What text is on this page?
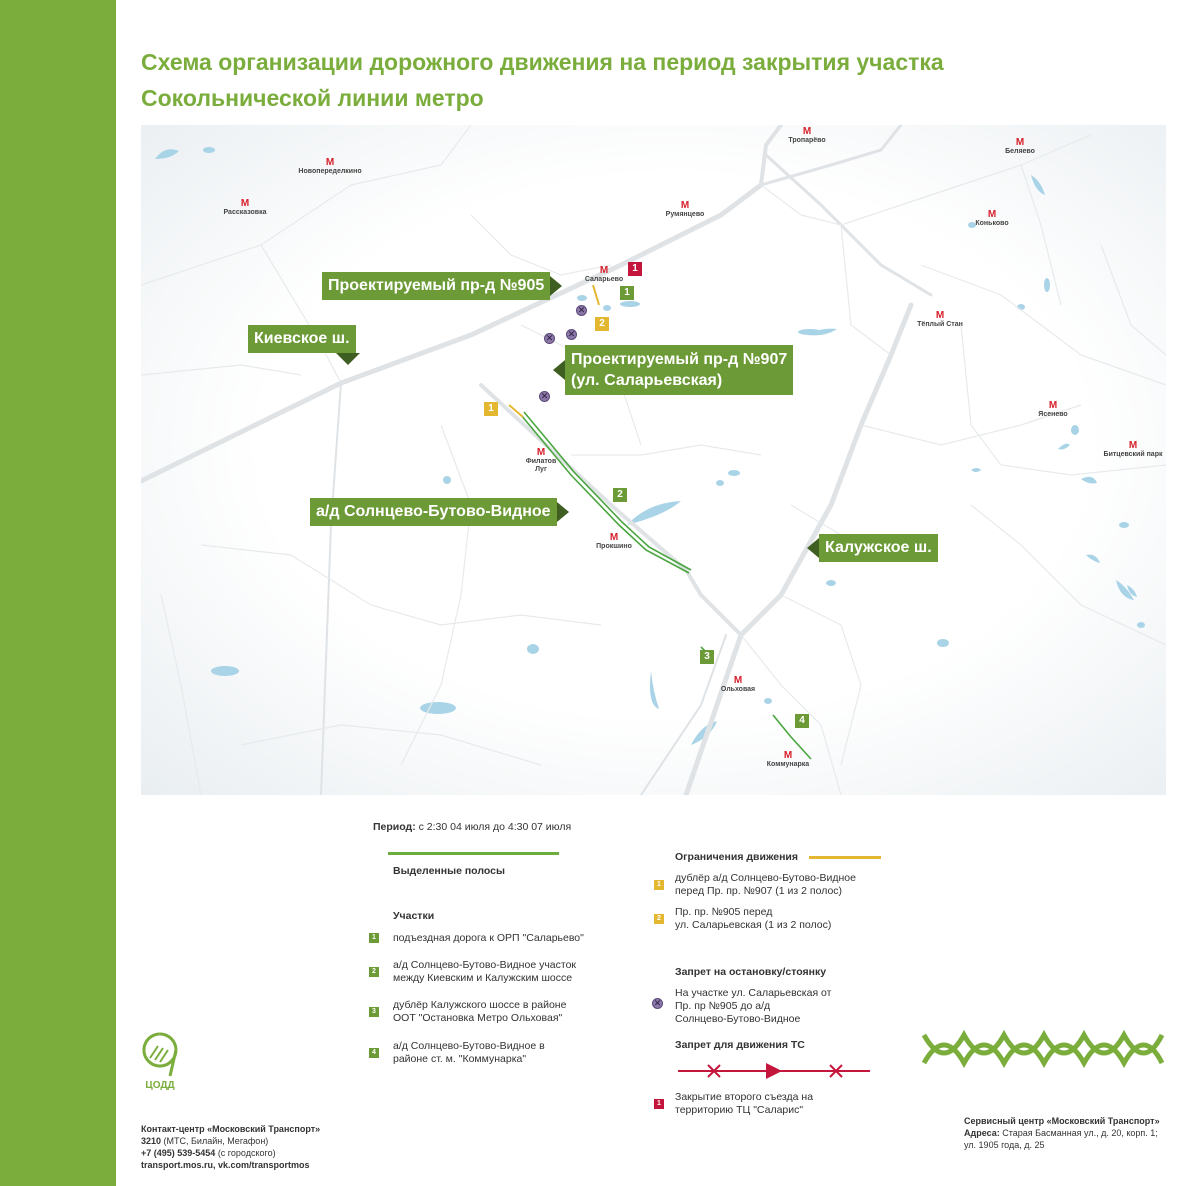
Схема организации дорожного движения на период закрытия участка
Сокольнической линии метро
М
Новопеределкино
М
Рассказовка
М
Тропарёво	М
Беляево
М
Румянцево	М
Коньково
М
Саларьево
М
Тёплый Стан
М
Ясенево
М
Битцевский парк
М
Филатов
Луг
М
Прокшино
М
Ольховая
М
Коммунарка
Проектируемый пр-д №905
Киевское ш.
Проектируемый пр-д №907
(ул. Саларьевская)
а/д Солнцево-Бутово-Видное
Калужское ш.
1
1
2
1
2
3
4
✕
✕
✕
✕
Период: с 2:30 04 июля до 4:30 07 июля
Выделенные полосы
Участки
1 подъездная дорога к ОРП "Саларьево"
2
а/д Солнцево-Бутово-Видное участок
между Киевским и Калужским шоссе
3
дублёр Калужского шоссе в районе
ООТ "Остановка Метро Ольховая"
4
а/д Солнцево-Бутово-Видное в
районе ст. м. "Коммунарка"
Ограничения движения
1
дублёр а/д Солнцево-Бутово-Видное
перед Пр. пр. №907 (1 из 2 полос)
2
Пр. пр. №905 перед
ул. Саларьевская (1 из 2 полос)
Запрет на остановку/стоянку
✕
На участке ул. Саларьевская от
Пр. пр №905 до а/д
Солнцево-Бутово-Видное
Запрет для движения ТС
1
Закрытие второго съезда на
территорию ТЦ "Саларис"
Московский
Транспорт
ЦОДД
Контакт-центр «Московский Транспорт»
3210 (МТС, Билайн, Мегафон)
+7 (495) 539-5454 (с городского)
transport.mos.ru, vk.com/transportmos
Сервисный центр «Московский Транспорт»
Адреса: Старая Басманная ул., д. 20, корп. 1;
ул. 1905 года, д. 25
